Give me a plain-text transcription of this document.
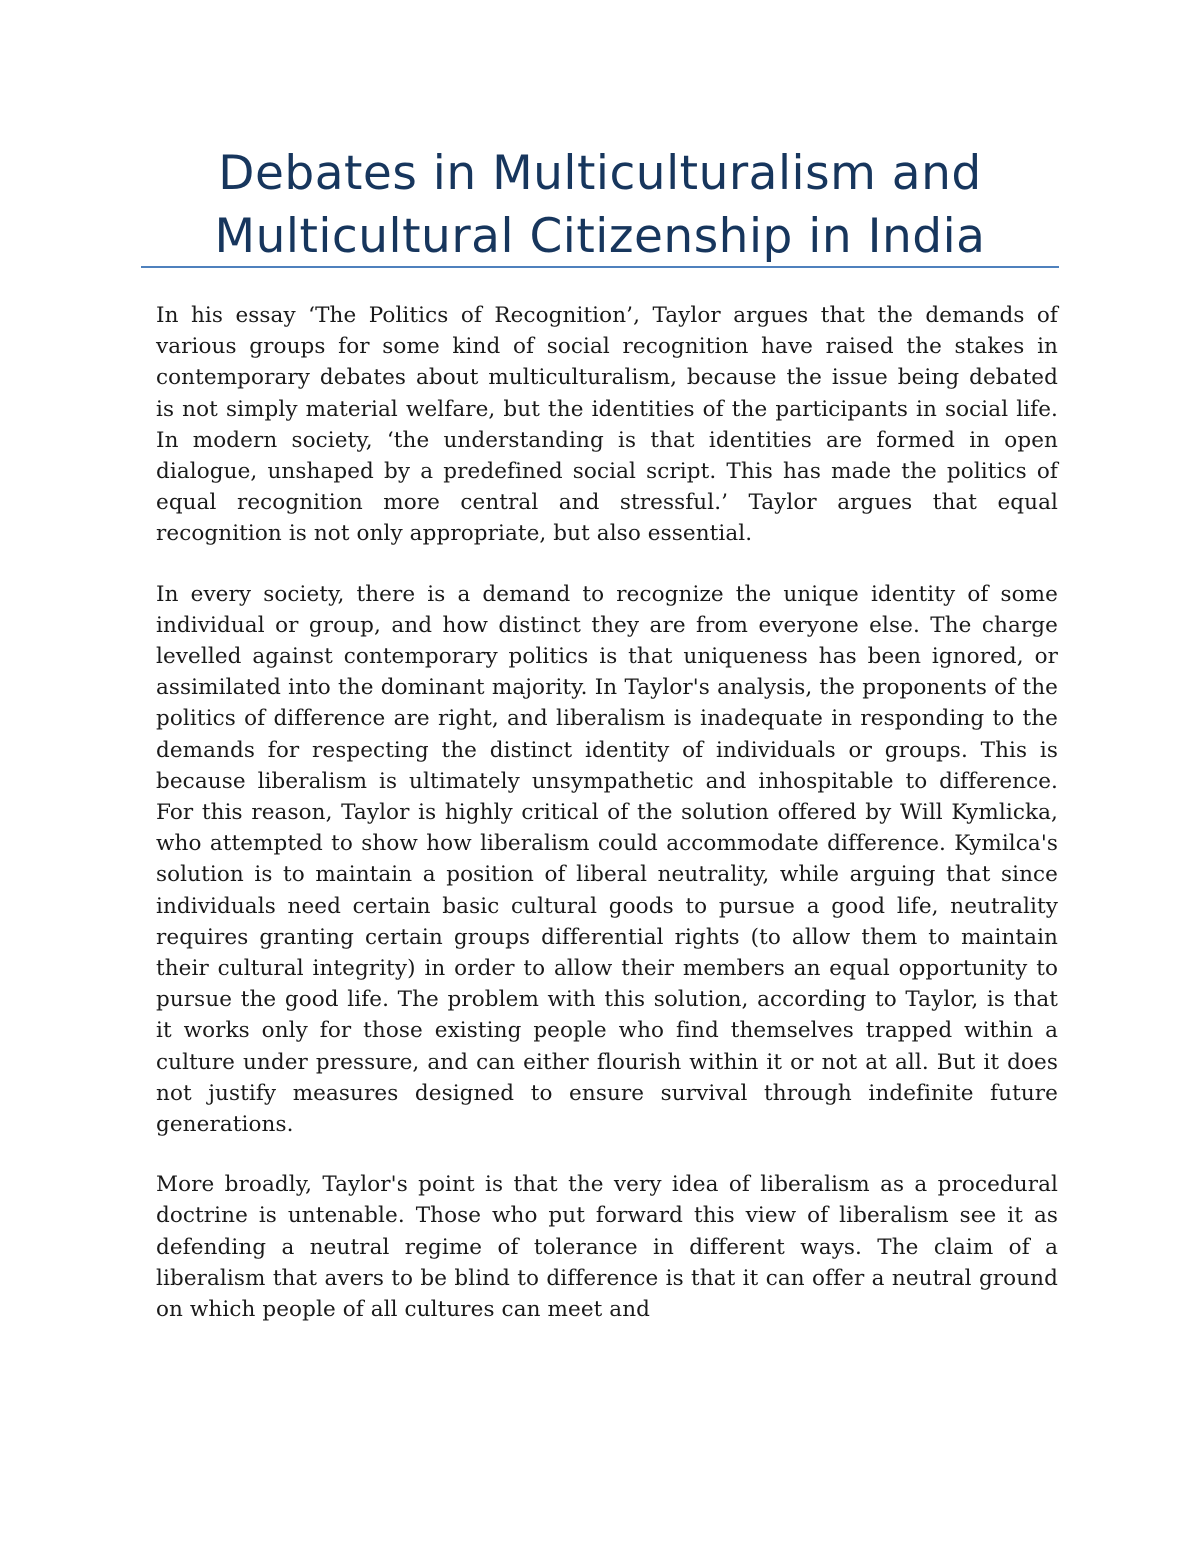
Debates in Multiculturalism and Multicultural Citizenship in India

In his essay ‘The Politics of Recognition’, Taylor argues that the demands of various groups for some kind of social recognition have raised the stakes in contemporary debates about multiculturalism, because the issue being debated is not simply material welfare, but the identities of the participants in social life. In modern society, ‘the understanding is that identities are formed in open dialogue, unshaped by a predefined social script. This has made the politics of equal recognition more central and stressful.’ Taylor argues that equal recognition is not only appropriate, but also essential.

In every society, there is a demand to recognize the unique identity of some individual or group, and how distinct they are from everyone else. The charge levelled against contemporary politics is that uniqueness has been ignored, or assimilated into the dominant majority. In Taylor's analysis, the proponents of the politics of difference are right, and liberalism is inadequate in responding to the demands for respecting the distinct identity of individuals or groups. This is because liberalism is ultimately unsympathetic and inhospitable to difference. For this reason, Taylor is highly critical of the solution offered by Will Kymlicka, who attempted to show how liberalism could accommodate difference. Kymilca's solution is to maintain a position of liberal neutrality, while arguing that since individuals need certain basic cultural goods to pursue a good life, neutrality requires granting certain groups differential rights (to allow them to maintain their cultural integrity) in order to allow their members an equal opportunity to pursue the good life. The problem with this solution, according to Taylor, is that it works only for those existing people who find themselves trapped within a culture under pressure, and can either flourish within it or not at all. But it does not justify measures designed to ensure survival through indefinite future generations.

More broadly, Taylor's point is that the very idea of liberalism as a procedural doctrine is untenable. Those who put forward this view of liberalism see it as defending a neutral regime of tolerance in different ways. The claim of a liberalism that avers to be blind to difference is that it can offer a neutral ground on which people of all cultures can meet and
